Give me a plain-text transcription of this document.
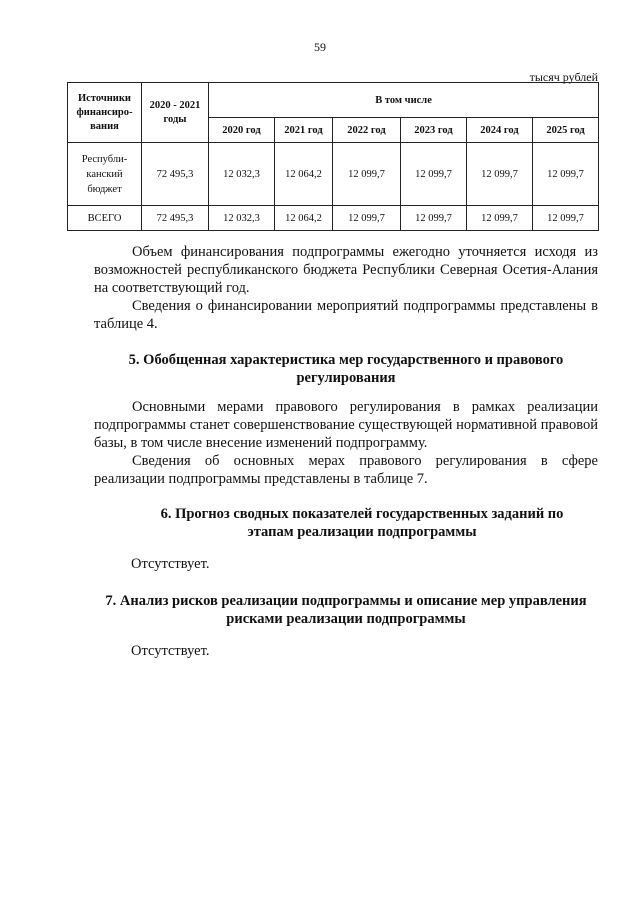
59
тысяч рублей
Источники финансиро- вания	2020 - 2021 годы	В том числе					
		2020 год	2021 год	2022 год	2023 год	2024 год	2025 год
Республи- канский бюджет	72 495,3	12 032,3	12 064,2	12 099,7	12 099,7	12 099,7	12 099,7
ВСЕГО	72 495,3	12 032,3	12 064,2	12 099,7	12 099,7	12 099,7	12 099,7

Объем финансирования подпрограммы ежегодно уточняется исходя из возможностей республиканского бюджета Республики Северная Осетия-Алания на соответствующий год.

Сведения о финансировании мероприятий подпрограммы представлены в таблице 4.

5. Обобщенная характеристика мер государственного и правового регулирования

Основными мерами правового регулирования в рамках реализации подпрограммы станет совершенствование существующей нормативной правовой базы, в том числе внесение изменений подпрограмму.

Сведения об основных мерах правового регулирования в сфере реализации подпрограммы представлены в таблице 7.

6. Прогноз сводных показателей государственных заданий по этапам реализации подпрограммы

Отсутствует.

7. Анализ рисков реализации подпрограммы и описание мер управления рисками реализации подпрограммы

Отсутствует.
